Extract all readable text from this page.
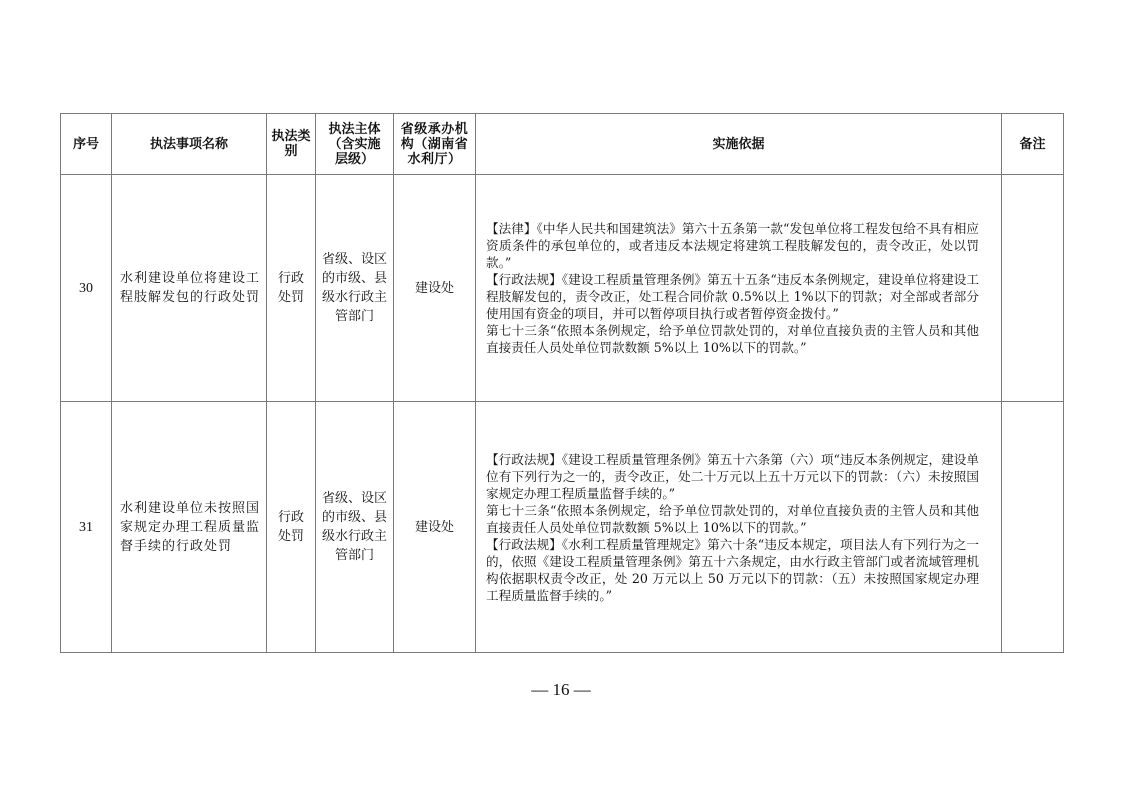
序号	执法事项名称	执法类别	执法主体（含实施层级）	省级承办机构（湖南省水利厅）	实施依据	备注
30	水利建设单位将建设工程肢解发包的行政处罚	行政处罚	省级、设区的市级、县级水行政主管部门	建设处	【法律】《中华人民共和国建筑法》第六十五条第一款“发包单位将工程发包给不具有相应资质条件的承包单位的，或者违反本法规定将建筑工程肢解发包的，责令改正，处以罚款。”

【行政法规】《建设工程质量管理条例》第五十五条“违反本条例规定，建设单位将建设工程肢解发包的，责令改正，处工程合同价款 0.5%以上 1%以下的罚款；对全部或者部分使用国有资金的项目，并可以暂停项目执行或者暂停资金拨付。”

第七十三条“依照本条例规定，给予单位罚款处罚的，对单位直接负责的主管人员和其他直接责任人员处单位罚款数额 5%以上 10%以下的罚款。”	

31	水利建设单位未按照国家规定办理工程质量监督手续的行政处罚	行政处罚	省级、设区的市级、县级水行政主管部门	建设处	【行政法规】《建设工程质量管理条例》第五十六条第（六）项“违反本条例规定，建设单位有下列行为之一的，责令改正，处二十万元以上五十万元以下的罚款：（六）未按照国家规定办理工程质量监督手续的。”

第七十三条“依照本条例规定，给予单位罚款处罚的，对单位直接负责的主管人员和其他直接责任人员处单位罚款数额 5%以上 10%以下的罚款。”

【行政法规】《水利工程质量管理规定》第六十条“违反本规定，项目法人有下列行为之一的，依照《建设工程质量管理条例》第五十六条规定，由水行政主管部门或者流域管理机构依据职权责令改正，处 20 万元以上 50 万元以下的罚款：（五）未按照国家规定办理工程质量监督手续的。”	

— 16 —
